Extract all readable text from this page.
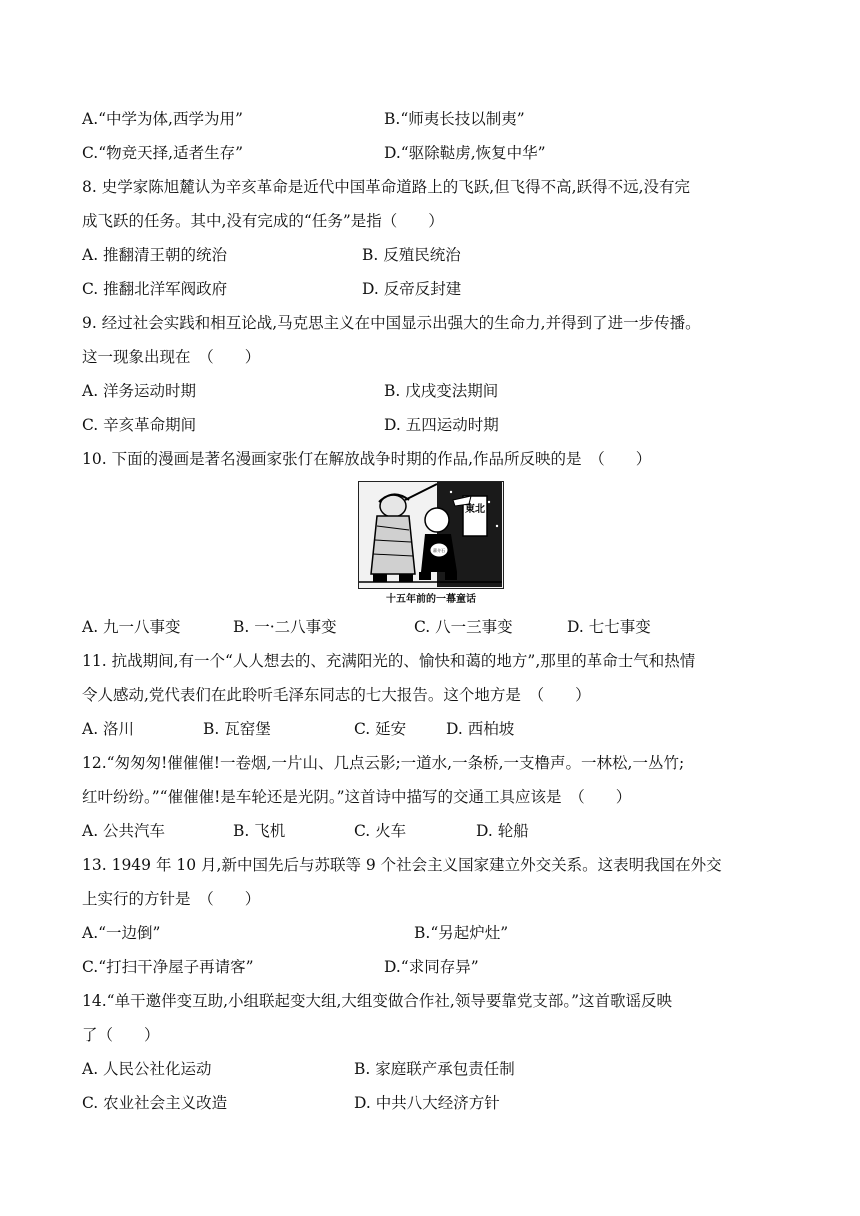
A.“中学为体,西学为用”	B.“师夷长技以制夷”
C.“物竞天择,适者生存”	D.“驱除鞑虏,恢复中华”
8. 史学家陈旭麓认为辛亥革命是近代中国革命道路上的飞跃,但飞得不高,跃得不远,没有完
成飞跃的任务。其中,没有完成的“任务”是指（　　）
A. 推翻清王朝的统治	B. 反殖民统治
C. 推翻北洋军阀政府	D. 反帝反封建
9. 经过社会实践和相互论战,马克思主义在中国显示出强大的生命力,并得到了进一步传播。
这一现象出现在　（　　）
A. 洋务运动时期	B. 戊戌变法期间
C. 辛亥革命期间	D. 五四运动时期
10. 下面的漫画是著名漫画家张仃在解放战争时期的作品,作品所反映的是　（　　）
東北
蔣介石
十五年前的一幕童话
A. 九一八事变	B. 一·二八事变	C. 八一三事变	D. 七七事变
11. 抗战期间,有一个“人人想去的、充满阳光的、愉快和蔼的地方”,那里的革命士气和热情
令人感动,党代表们在此聆听毛泽东同志的七大报告。这个地方是　（　　）
A. 洛川	B. 瓦窑堡	C. 延安	D. 西柏坡
12.“匆匆匆!催催催!一卷烟,一片山、几点云影;一道水,一条桥,一支橹声。一林松,一丛竹;
红叶纷纷。”“催催催!是车轮还是光阴。”这首诗中描写的交通工具应该是　（　　）
A. 公共汽车	B. 飞机	C. 火车	D. 轮船
13. 1949 年 10 月,新中国先后与苏联等 9 个社会主义国家建立外交关系。这表明我国在外交
上实行的方针是　（　　）
A.“一边倒”	B.“另起炉灶”
C.“打扫干净屋子再请客”	D.“求同存异”
14.“单干邀伴变互助,小组联起变大组,大组变做合作社,领导要靠党支部。”这首歌谣反映
了（　　）
A. 人民公社化运动	B. 家庭联产承包责任制
C. 农业社会主义改造	D. 中共八大经济方针
